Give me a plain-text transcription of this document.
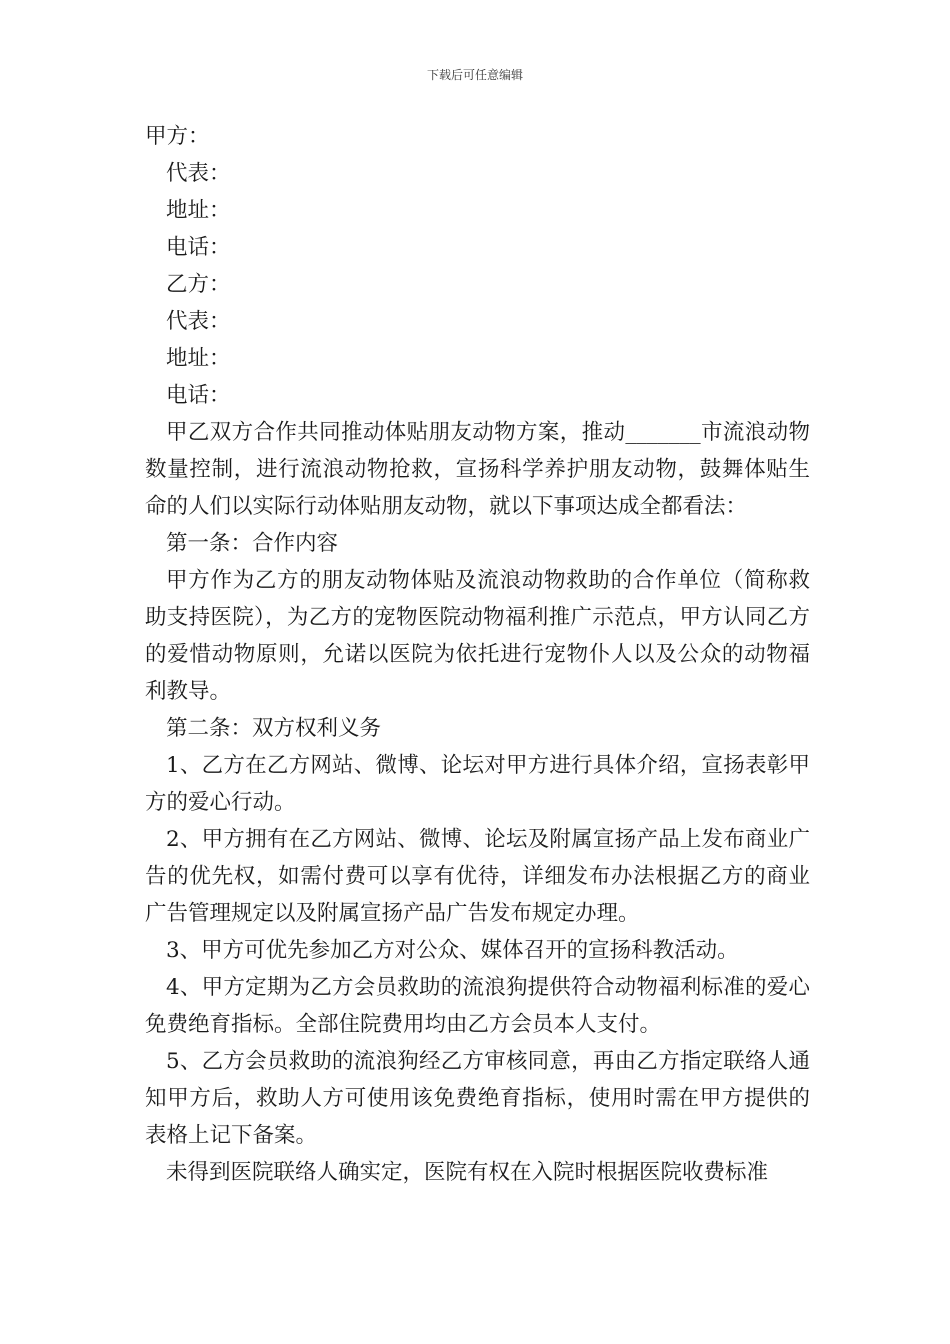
下载后可任意编辑
甲方：
代表：
地址：
电话：
乙方：
代表：
地址：
电话：

甲乙双方合作共同推动体贴朋友动物方案，推动_______市流浪动物数量控制，进行流浪动物抢救，宣扬科学养护朋友动物，鼓舞体贴生命的人们以实际行动体贴朋友动物，就以下事项达成全都看法：

第一条：合作内容

甲方作为乙方的朋友动物体贴及流浪动物救助的合作单位（简称救助支持医院），为乙方的宠物医院动物福利推广示范点，甲方认同乙方的爱惜动物原则，允诺以医院为依托进行宠物仆人以及公众的动物福利教导。

第二条：双方权利义务

1、乙方在乙方网站、微博、论坛对甲方进行具体介绍，宣扬表彰甲方的爱心行动。

2、甲方拥有在乙方网站、微博、论坛及附属宣扬产品上发布商业广告的优先权，如需付费可以享有优待，详细发布办法根据乙方的商业广告管理规定以及附属宣扬产品广告发布规定办理。

3、甲方可优先参加乙方对公众、媒体召开的宣扬科教活动。

4、甲方定期为乙方会员救助的流浪狗提供符合动物福利标准的爱心免费绝育指标。全部住院费用均由乙方会员本人支付。

5、乙方会员救助的流浪狗经乙方审核同意，再由乙方指定联络人通知甲方后，救助人方可使用该免费绝育指标，使用时需在甲方提供的表格上记下备案。

未得到医院联络人确实定，医院有权在入院时根据医院收费标准
